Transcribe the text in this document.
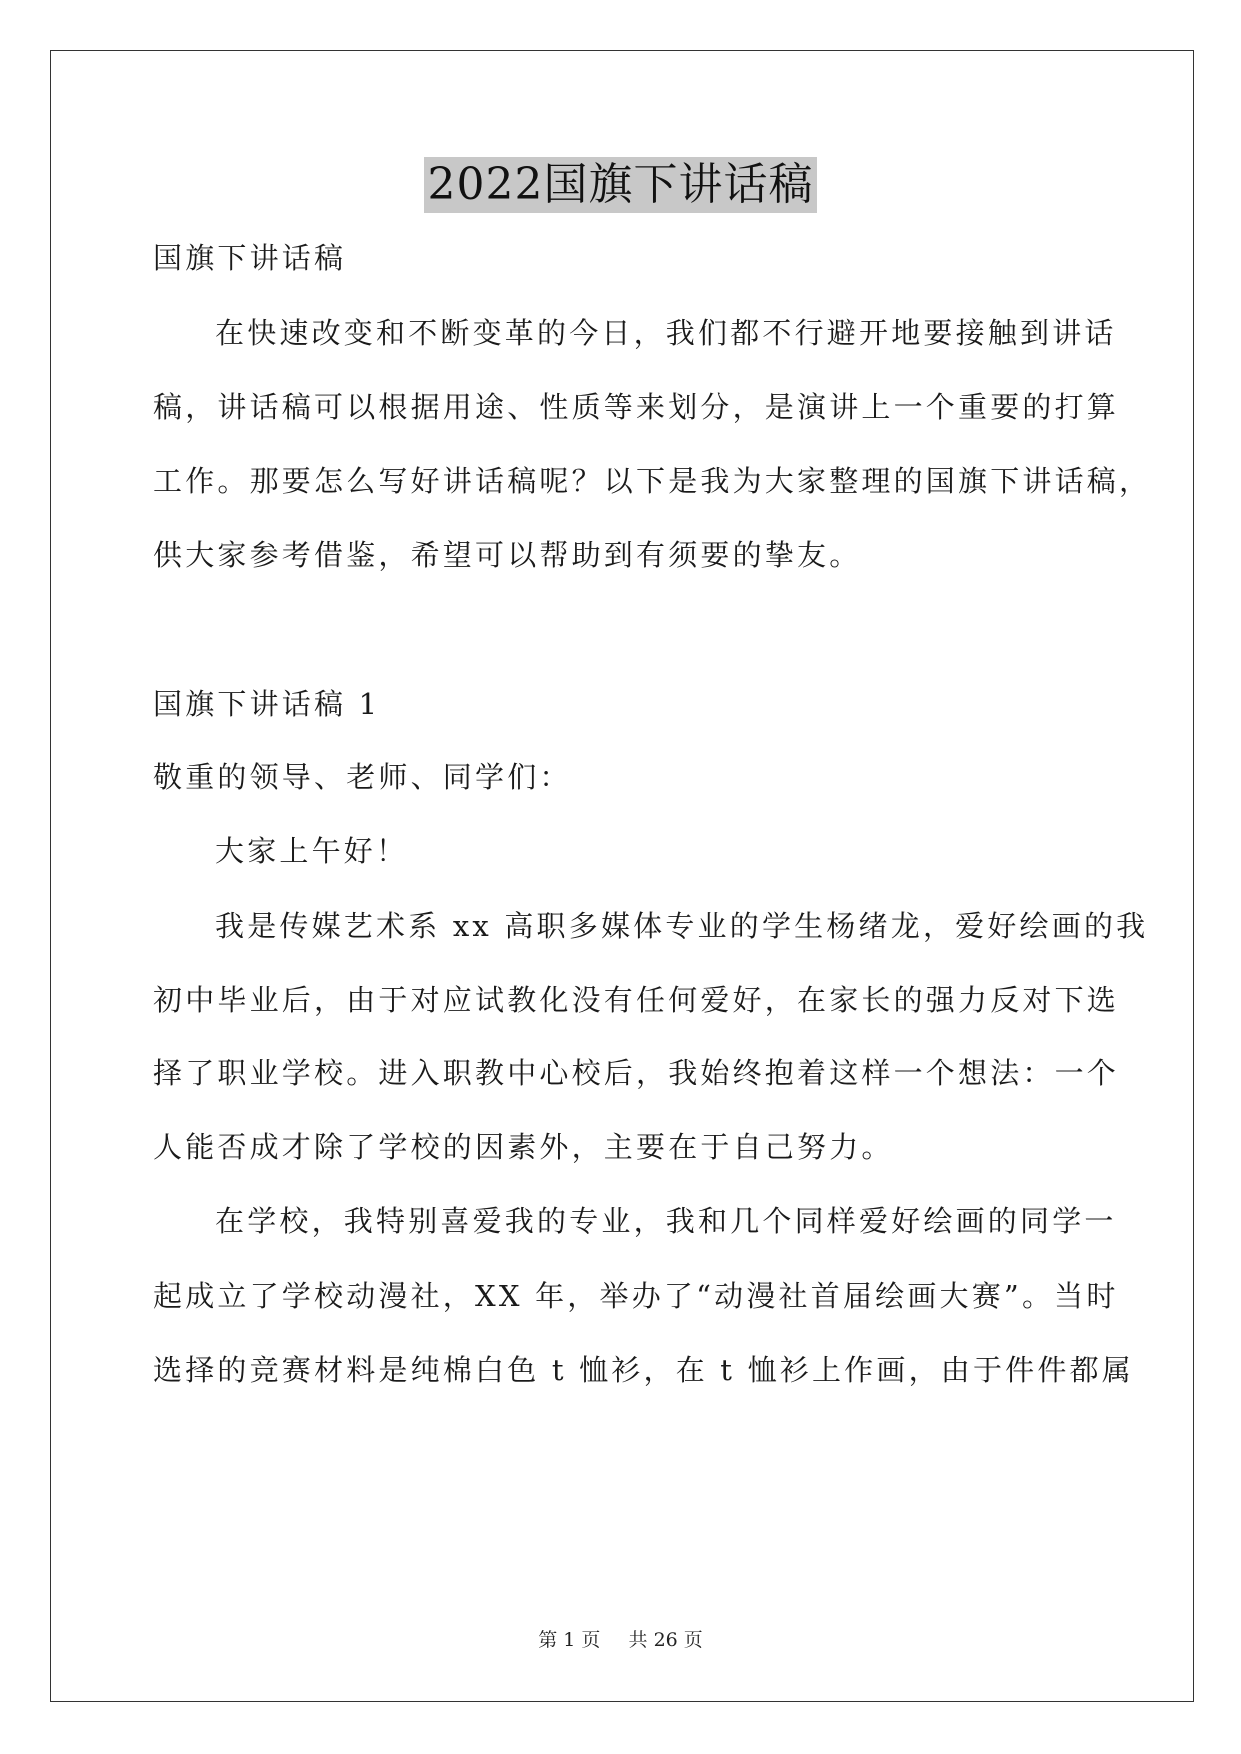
2022国旗下讲话稿
国旗下讲话稿
在快速改变和不断变革的今日，我们都不行避开地要接触到讲话
稿，讲话稿可以根据用途、性质等来划分，是演讲上一个重要的打算
工作。那要怎么写好讲话稿呢？以下是我为大家整理的国旗下讲话稿，
供大家参考借鉴，希望可以帮助到有须要的挚友。
国旗下讲话稿 1
敬重的领导、老师、同学们：
大家上午好！
我是传媒艺术系 xx 高职多媒体专业的学生杨绪龙，爱好绘画的我
初中毕业后，由于对应试教化没有任何爱好，在家长的强力反对下选
择了职业学校。进入职教中心校后，我始终抱着这样一个想法：一个
人能否成才除了学校的因素外，主要在于自己努力。
在学校，我特别喜爱我的专业，我和几个同样爱好绘画的同学一
起成立了学校动漫社，XX 年，举办了“动漫社首届绘画大赛”。当时
选择的竞赛材料是纯棉白色 t 恤衫，在 t 恤衫上作画，由于件件都属
第 1 页 共 26 页
